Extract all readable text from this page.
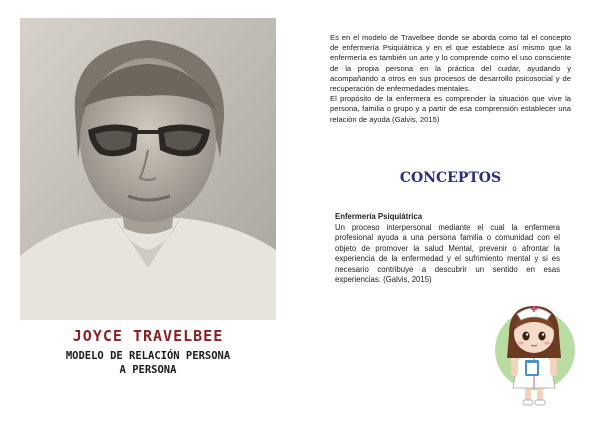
JOYCE TRAVELBEE
MODELO DE RELACIÓN PERSONA
A PERSONA

Es en el modelo de Travelbee donde se aborda como tal el concepto de enfermería Psiquiátrica y en el que establece así mismo que la enfermería es también un arte y lo comprende como el uso consciente de la propia persona en la práctica del cuidar, ayudando y acompañando a otros en sus procesos de desarrollo psicosocial y de recuperación de enfermedades mentales.

El propósito de la enfermera es comprender la situación que vive la persona, familia o grupo y a partir de esa comprensión establecer una relación de ayuda (Galvis, 2015)

CONCEPTOS

Enfermería Psiquiátrica

Un proceso interpersonal mediante el cual la enfermera profesional ayuda a una persona familia o comunidad con el objeto de promover la salud Mental, prevenir o afrontar la experiencia de la enfermedad y el sufrimiento mental y si es necesario contribuye a descubrir un sentido en esas experiencias. (Galvis, 2015)
